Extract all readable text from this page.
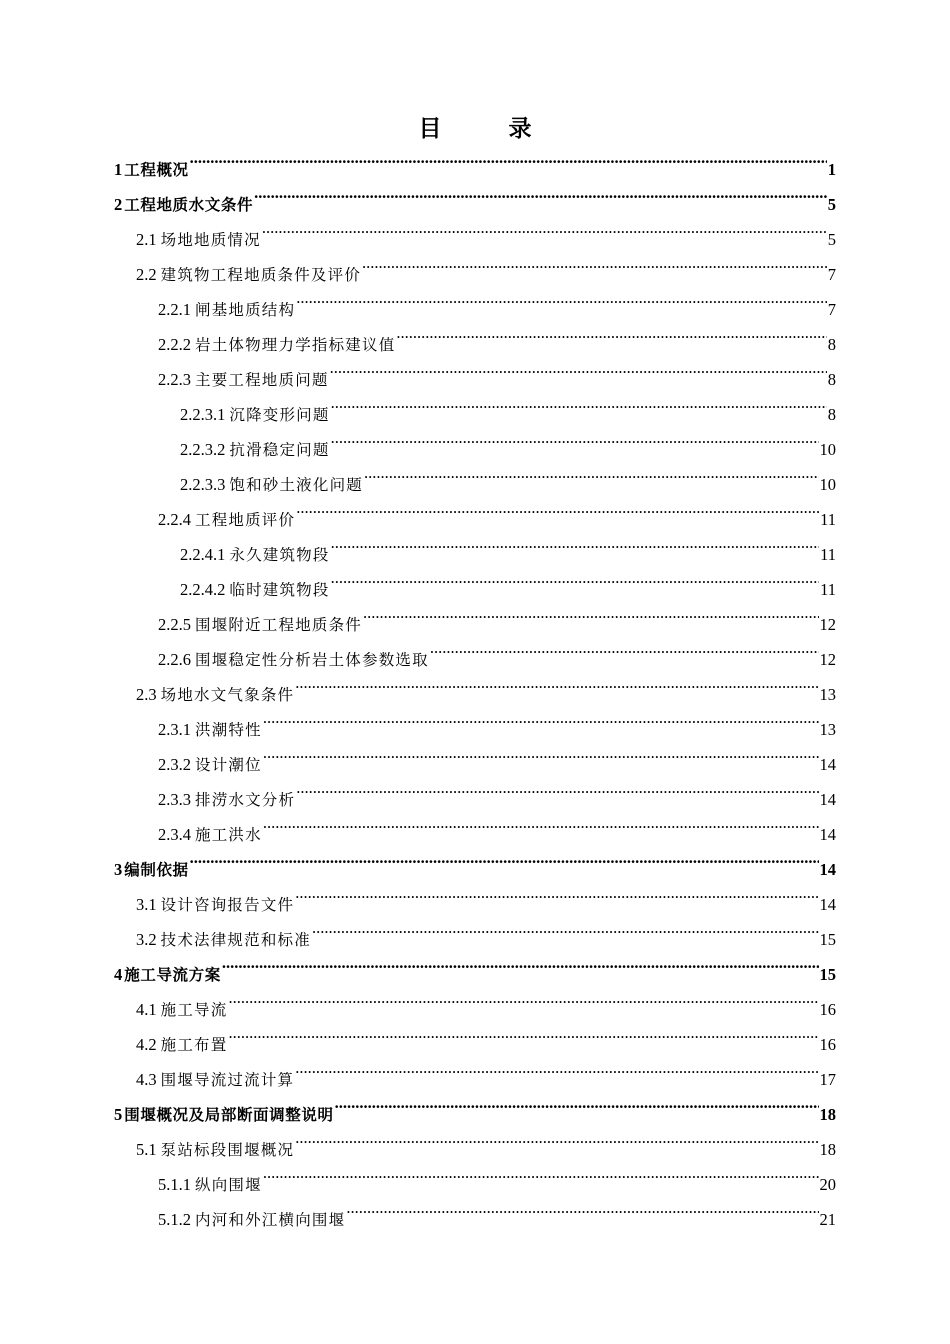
目　录
1 工程概况 .....	1
2 工程地质水文条件 .....	5
2.1 场地地质情况 .....	5
2.2 建筑物工程地质条件及评价 .....	7
2.2.1 闸基地质结构 .....	7
2.2.2 岩土体物理力学指标建议值 .....	8
2.2.3 主要工程地质问题 .....	8
2.2.3.1 沉降变形问题 .....	8
2.2.3.2 抗滑稳定问题 .....	10
2.2.3.3 饱和砂土液化问题 .....	10
2.2.4 工程地质评价 .....	11
2.2.4.1 永久建筑物段 .....	11
2.2.4.2 临时建筑物段 .....	11
2.2.5 围堰附近工程地质条件 .....	12
2.2.6 围堰稳定性分析岩土体参数选取 .....	12
2.3 场地水文气象条件 .....	13
2.3.1 洪潮特性 .....	13
2.3.2 设计潮位 .....	14
2.3.3 排涝水文分析 .....	14
2.3.4 施工洪水 .....	14
3 编制依据 .....	14
3.1 设计咨询报告文件 .....	14
3.2 技术法律规范和标准 .....	15
4 施工导流方案 .....	15
4.1 施工导流 .....	16
4.2 施工布置 .....	16
4.3 围堰导流过流计算 .....	17
5 围堰概况及局部断面调整说明 .....	18
5.1 泵站标段围堰概况 .....	18
5.1.1 纵向围堰 .....	20
5.1.2 内河和外江横向围堰 .....	21
